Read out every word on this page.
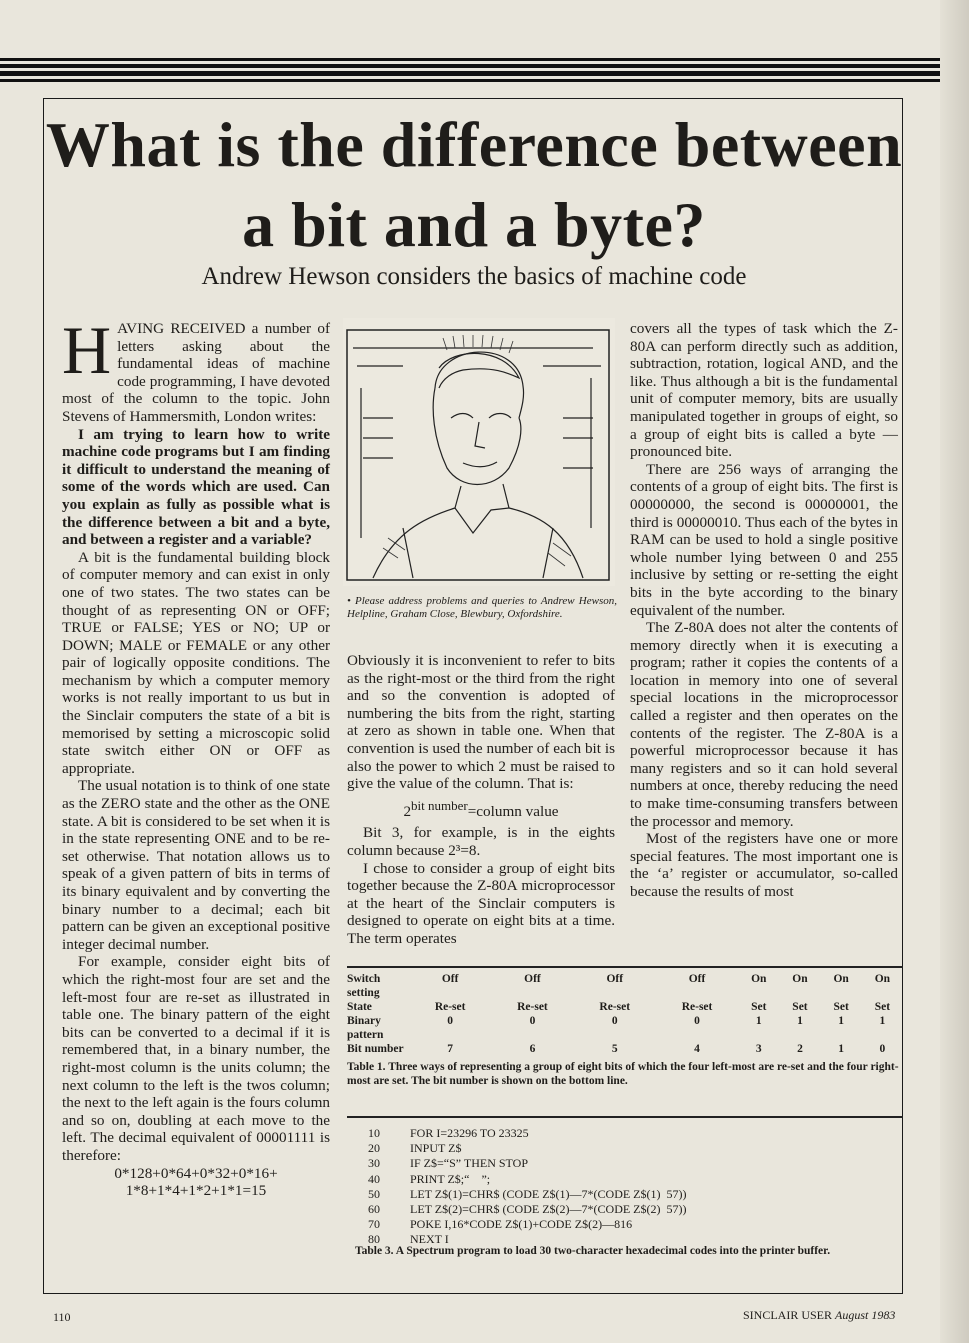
What is the difference between a bit and a byte?
Andrew Hewson considers the basics of machine code

HAVING RECEIVED a number of letters asking about the fundamental ideas of machine code programming, I have devoted most of the column to the topic. John Stevens of Hammersmith, London writes:

I am trying to learn how to write machine code programs but I am finding it difficult to understand the meaning of some of the words which are used. Can you explain as fully as possible what is the difference between a bit and a byte, and between a register and a variable?

A bit is the fundamental building block of computer memory and can exist in only one of two states. The two states can be thought of as representing ON or OFF; TRUE or FALSE; YES or NO; UP or DOWN; MALE or FEMALE or any other pair of logically opposite conditions. The mechanism by which a computer memory works is not really important to us but in the Sinclair computers the state of a bit is memorised by setting a microscopic solid state switch either ON or OFF as appropriate.

The usual notation is to think of one state as the ZERO state and the other as the ONE state. A bit is considered to be set when it is in the state representing ONE and to be re-set otherwise. That notation allows us to speak of a given pattern of bits in terms of its binary equivalent and by converting the binary number to a decimal; each bit pattern can be given an exceptional positive integer decimal number.

For example, consider eight bits of which the right-most four are set and the left-most four are re-set as illustrated in table one. The binary pattern of the eight bits can be converted to a decimal if it is remembered that, in a binary number, the right-most column is the units column; the next column to the left is the twos column; the next to the left again is the fours column and so on, doubling at each move to the left. The decimal equivalent of 00001111 is therefore:

0*128+0*64+0*32+0*16+

1*8+1*4+1*2+1*1=15

• Please address problems and queries to Andrew Hewson, Helpline, Graham Close, Blewbury, Oxfordshire.

Obviously it is inconvenient to refer to bits as the right-most or the third from the right and so the convention is adopted of numbering the bits from the right, starting at zero as shown in table one. When that convention is used the number of each bit is also the power to which 2 must be raised to give the value of the column. That is:

$2^{bit number}=column$ value

Bit 3, for example, is in the eights column because 2³=8.

I chose to consider a group of eight bits together because the Z-80A microprocessor at the heart of the Sinclair computers is designed to operate on eight bits at a time. The term operates

covers all the types of task which the Z-80A can perform directly such as addition, subtraction, rotation, logical AND, and the like. Thus although a bit is the fundamental unit of computer memory, bits are usually manipulated together in groups of eight, so a group of eight bits is called a byte — pronounced bite.

There are 256 ways of arranging the contents of a group of eight bits. The first is 00000000, the second is 00000001, the third is 00000010. Thus each of the bytes in RAM can be used to hold a single positive whole number lying between 0 and 255 inclusive by setting or re-setting the eight bits in the byte according to the binary equivalent of the number.

The Z-80A does not alter the contents of memory directly when it is executing a program; rather it copies the contents of a location in memory into one of several special locations in the microprocessor called a register and then operates on the contents of the register. The Z-80A is a powerful microprocessor because it has many registers and so it can hold several numbers at once, thereby reducing the need to make time-consuming transfers between the processor and memory.

Most of the registers have one or more special features. The most important one is the ‘a’ register or accumulator, so-called because the results of most

Switch setting	Off	Off	Off	Off	On	On	On	On
State	Re-set	Re-set	Re-set	Re-set	Set	Set	Set	Set
Binary pattern	0	0	0	0	1	1	1	1
Bit number	7	6	5	4	3	2	1	0
Table 1. Three ways of representing a group of eight bits of which the four left-most are re-set and the four right-most are set. The bit number is shown on the bottom line.
10	FOR I=23296 TO 23325
20	INPUT Z$
30	IF Z$=“S” THEN STOP
40	PRINT Z$;“    ”;
50	LET Z$(1)=CHR$ (CODE Z$(1)—7*(CODE Z$(1)  57))
60	LET Z$(2)=CHR$ (CODE Z$(2)—7*(CODE Z$(2)  57))
70	POKE I,16*CODE Z$(1)+CODE Z$(2)—816
80	NEXT I
Table 3. A Spectrum program to load 30 two-character hexadecimal codes into the printer buffer.
110	SINCLAIR USER August 1983
